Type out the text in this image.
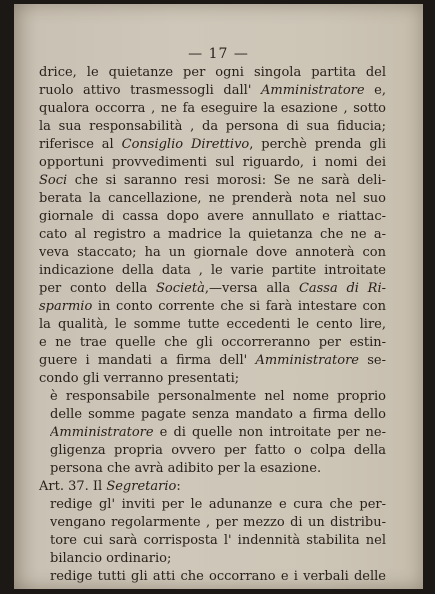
— 17 —
drice, le quietanze per ogni singola partita del
ruolo attivo trasmessogli dall' Amministratore e,
qualora occorra , ne fa eseguire la esazione , sotto
la sua responsabilità , da persona di sua fiducia;
riferisce al Consiglio Direttivo, perchè prenda gli
opportuni provvedimenti sul riguardo, i nomi dei
Soci che si saranno resi morosi: Se ne sarà deli-
berata la cancellazione, ne prenderà nota nel suo
giornale di cassa dopo avere annullato e riattac-
cato al registro a madrice la quietanza che ne a-
veva staccato; ha un giornale dove annoterà con
indicazione della data , le varie partite introitate
per conto della Società,—versa alla Cassa di Ri-
sparmio in conto corrente che si farà intestare con
la qualità, le somme tutte eccedenti le cento lire,
e ne trae quelle che gli occorreranno per estin-
guere i mandati a firma dell' Amministratore se-
condo gli verranno presentati;
è responsabile personalmente nel nome proprio
delle somme pagate senza mandato a firma dello
Amministratore e di quelle non introitate per ne-
gligenza propria ovvero per fatto o colpa della
persona che avrà adibito per la esazione.
Art. 37. Il Segretario:
redige gl' inviti per le adunanze e cura che per-
vengano regolarmente , per mezzo di un distribu-
tore cui sarà corrisposta l' indennità stabilita nel
bilancio ordinario;
redige tutti gli atti che occorrano e i verbali delle
